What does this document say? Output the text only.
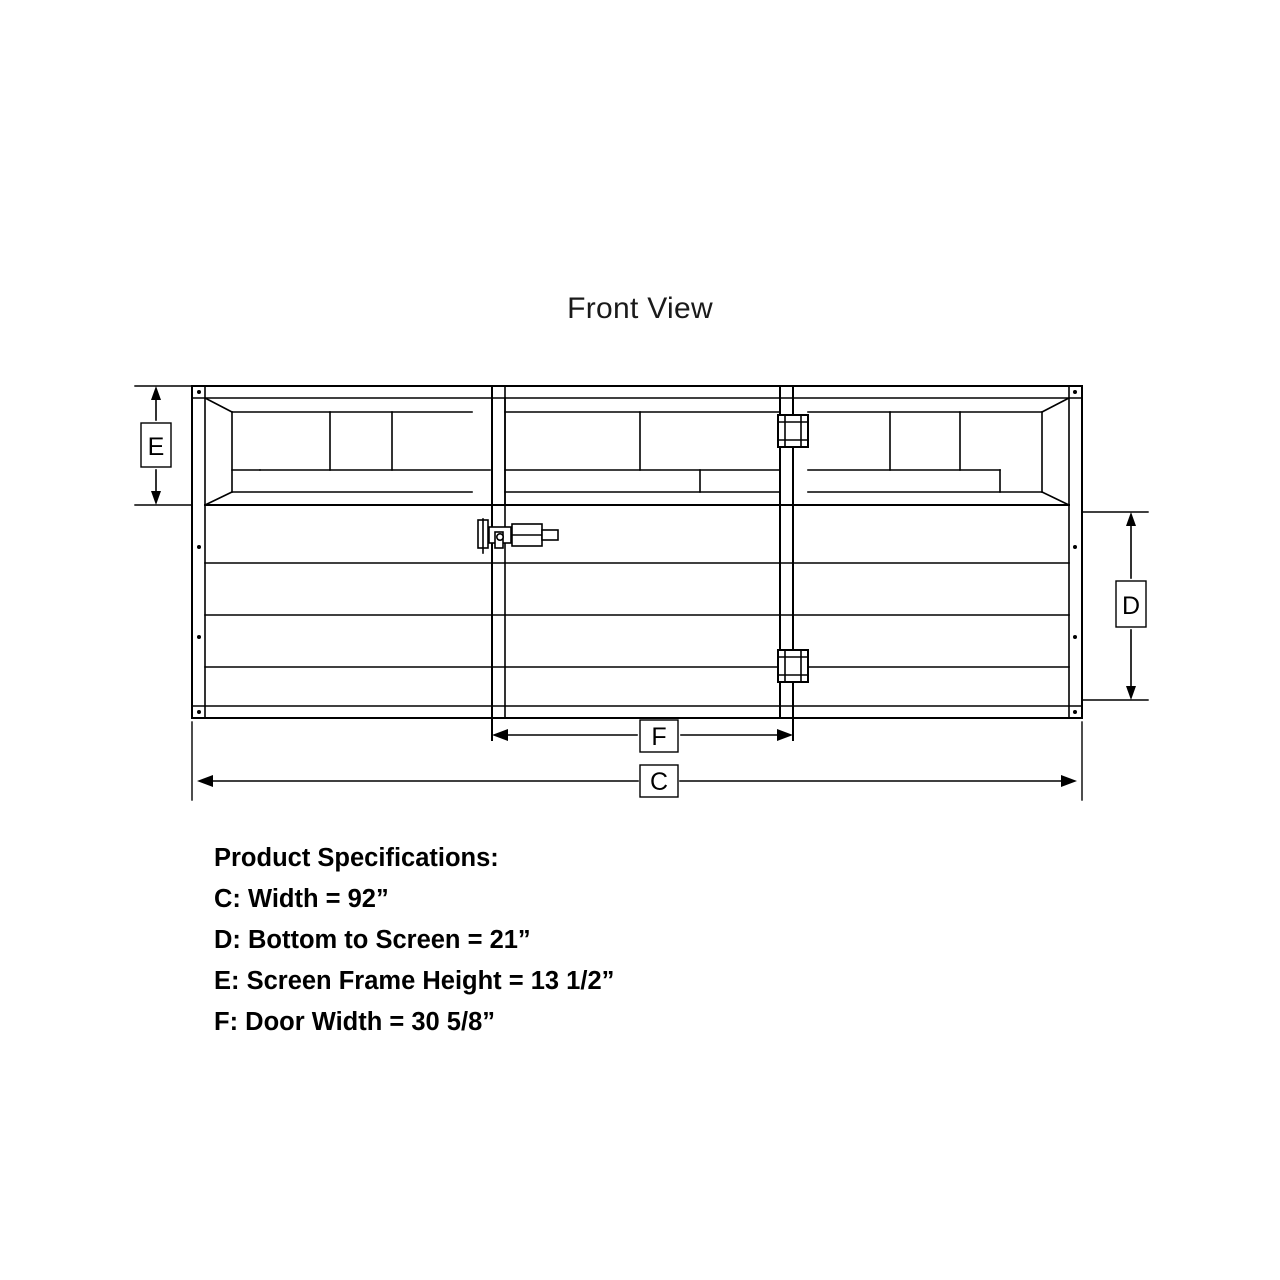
Front View
E
D
F
C
Product Specifications:
C: Width = 92”
D: Bottom to Screen = 21”
E: Screen Frame Height = 13 1/2”
F: Door Width = 30 5/8”
